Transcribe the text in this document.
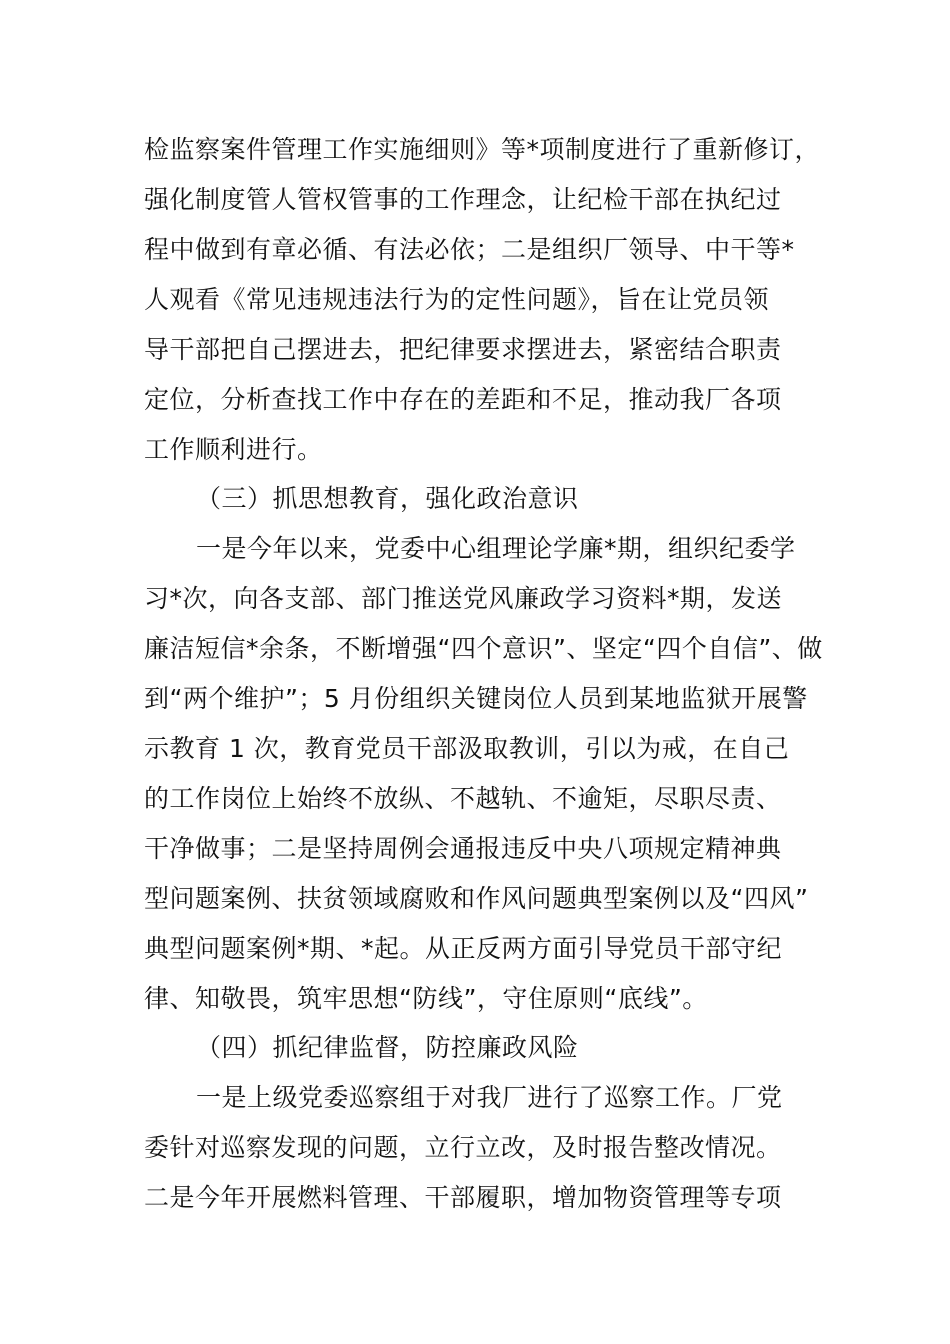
检监察案件管理工作实施细则》等*项制度进行了重新修订，
强化制度管人管权管事的工作理念，让纪检干部在执纪过
程中做到有章必循、有法必依；二是组织厂领导、中干等*
人观看《常见违规违法行为的定性问题》，旨在让党员领
导干部把自己摆进去，把纪律要求摆进去，紧密结合职责
定位，分析查找工作中存在的差距和不足，推动我厂各项
工作顺利进行。
（三）抓思想教育，强化政治意识
一是今年以来，党委中心组理论学廉*期，组织纪委学
习*次，向各支部、部门推送党风廉政学习资料*期，发送
廉洁短信*余条，不断增强“四个意识”、坚定“四个自信”、做
到“两个维护”；5 月份组织关键岗位人员到某地监狱开展警
示教育 1 次，教育党员干部汲取教训，引以为戒，在自己
的工作岗位上始终不放纵、不越轨、不逾矩，尽职尽责、
干净做事；二是坚持周例会通报违反中央八项规定精神典
型问题案例、扶贫领域腐败和作风问题典型案例以及“四风”
典型问题案例*期、*起。从正反两方面引导党员干部守纪
律、知敬畏，筑牢思想“防线”，守住原则“底线”。
（四）抓纪律监督，防控廉政风险
一是上级党委巡察组于对我厂进行了巡察工作。厂党
委针对巡察发现的问题，立行立改，及时报告整改情况。
二是今年开展燃料管理、干部履职，增加物资管理等专项
